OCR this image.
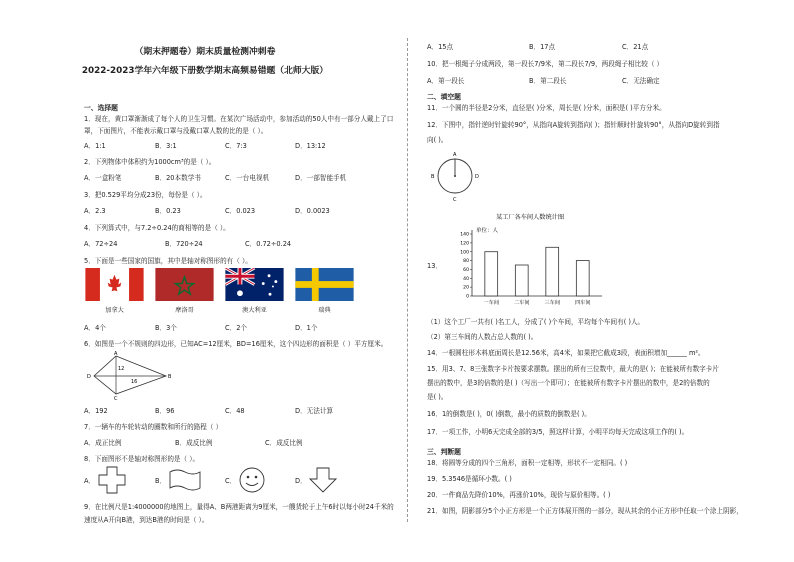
（期末押题卷）期末质量检测冲刺卷
2022-2023学年六年级下册数学期末高频易错题（北师大版）
一、选择题
1．现在，黄口罩渐渐成了每个人的卫生习惯。在某次广场活动中，参加活动的50人中有一部分人戴上了口
罩，下面图片，不能表示戴口罩与没戴口罩人数的比的是（ ）。
A．1:1	B．3:1	C．7:3	D．13:12
2．下列物体中体积约为1000cm³的是（ ）。
A．一盒粉笔	B．20本数学书	C．一台电视机	D．一部智能手机
3．把0.529平均分成23份，每份是（ ）。
A．2.3	B．0.23	C．0.023	D．0.0023
4．下列算式中，与7.2÷0.24的商相等的是（ ）。
A．72÷24	B．720÷24	C．0.72÷0.24
5．下面是一些国家的国旗，其中是轴对称图形的有（ ）。
加拿大	摩洛哥	澳大利亚	瑞典
A．4个	B．3个	C．2个	D．1个
6．如图是一个不规则的四边形，已知AC=12厘米，BD=16厘米，这个四边形的面积是（ ）平方厘米。
A
B
C
D
12
16
A．192	B．96	C．48	D．无法计算
7．一辆车的车轮转动的圈数和所行的路程（ ）
A．成正比例	B．成反比例	C．成反比例
8．下面图形不是轴对称图形的是（ ）。
A．	B．	C．	D．
9．在比例尺是1:4000000的地图上，量得A、B两港距离为9厘米，一艘货轮于上午6时以每小时24千米的
速度从A开向B港，到达B港的时间是（ ）。
A．15点	B．17点	C．21点
10．把一根绳子分成两段，第一段长7/9米，第二段长7/9，两段绳子相比较（ ）
A．第一段长	B．第二段长	C．无法确定
二、填空题
11．一个圆的半径是2分米，直径是( )分米，周长是( )分米，面积是( )平方分米。
12．下图中，指针逆时针旋转90°，从指向A旋转到指向( )；指针顺时针旋转90°，从指向D旋转到指
向( )。
A
B
C
D
13．
某工厂各车间人数统计图
单位：人
0
20
40
60
80
100
120
140
一车间	二车间	三车间	四车间
（1）这个工厂一共有( )名工人，分成了( )个车间，平均每个车间有( )人。
（2）第三车间的人数占总人数的( )。
14．一根圆柱形木料底面周长是12.56米，高4米，如果把它截成3段，表面积增加______ m²。
15．用3、7、8三张数字卡片按要求摆数。摆出的所有三位数中，最大的是( )；在能被所有数字卡片
摆出的数中，是3的倍数的是( )（写出一个即可）；在能被所有数字卡片摆出的数中，是2的倍数的
是( )。
16．1的倒数是( )，0( )倒数，最小的质数的倒数是( )。
17．一项工作，小明6天完成全部的3/5，照这样计算，小明平均每天完成这项工作的( )。
三、判断题
18．将圆等分成的四个三角形，面积一定相等，形状不一定相同。( )
19．5.3546是循环小数。( )
20．一件商品先降价10%，再涨价10%，现价与原价相等。( )
21．如图，阴影部分5个小正方形是一个正方体展开图的一部分，现从其余的小正方形中任取一个涂上阴影，
